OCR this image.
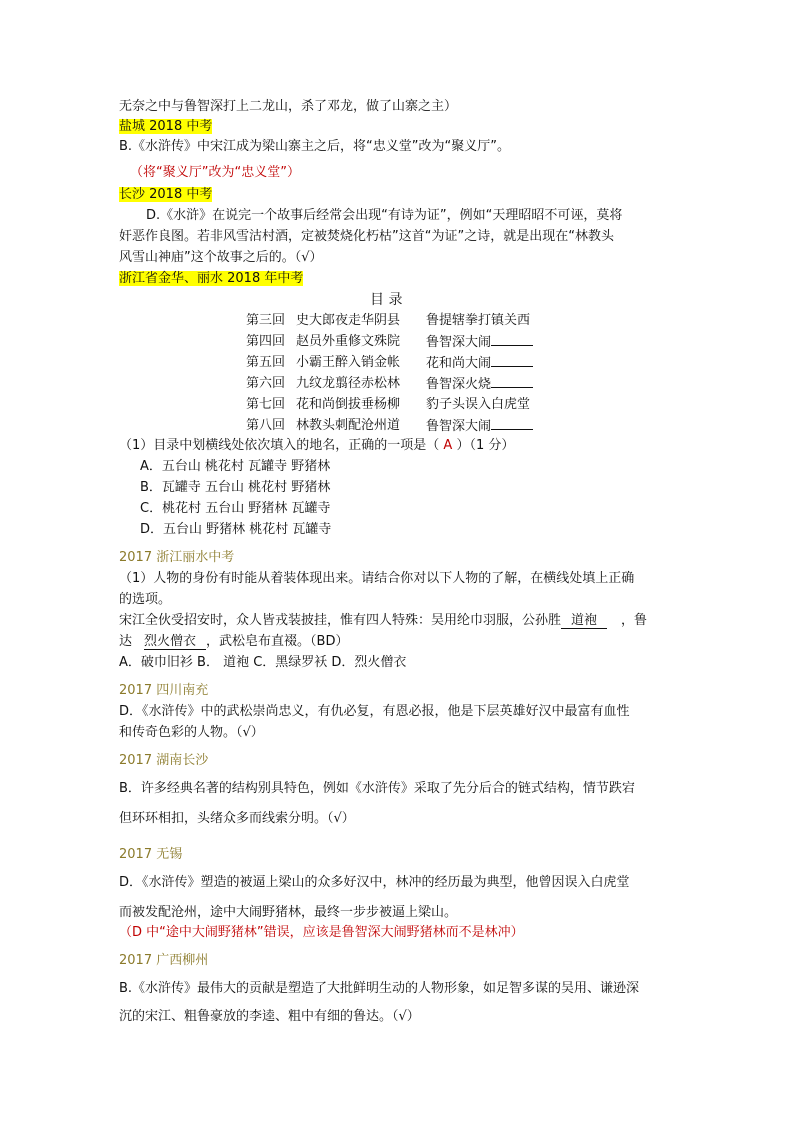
无奈之中与鲁智深打上二龙山，杀了邓龙，做了山寨之主）
盐城 2018 中考
B.《水浒传》中宋江成为梁山寨主之后，将“忠义堂”改为“聚义厅”。
（将“聚义厅”改为“忠义堂”）
长沙 2018 中考
D.《水浒》在说完一个故事后经常会出现“有诗为证”，例如“天理昭昭不可诬，莫将
奸恶作良图。若非风雪沽村酒，定被焚烧化朽枯”这首“为证”之诗，就是出现在“林教头
风雪山神庙”这个故事之后的。（√）
浙江省金华、丽水 2018 年中考
目 录
第三回 史大郎夜走华阴县	鲁提辖拳打镇关西
第四回 赵员外重修文殊院	鲁智深大闹
第五回 小霸王醉入销金帐	花和尚大闹
第六回 九纹龙翦径赤松林	鲁智深火烧
第七回 花和尚倒拔垂杨柳	豹子头误入白虎堂
第八回 林教头刺配沧州道	鲁智深大闹
（1）目录中划横线处依次填入的地名，正确的一项是（ A ）（1 分）
A．五台山 桃花村 瓦罐寺 野猪林
B．瓦罐寺 五台山 桃花村 野猪林
C．桃花村 五台山 野猪林 瓦罐寺
D．五台山 野猪林 桃花村 瓦罐寺
2017 浙江丽水中考
（1）人物的身份有时能从着装体现出来。请结合你对以下人物的了解，在横线处填上正确
的选项。
宋江全伙受招安时，众人皆戎装披挂，惟有四人特殊：吴用纶巾羽服，公孙胜 道袍 ，鲁
达 烈火僧衣 ，武松皂布直裰。（BD）
A．破巾旧衫 B． 道袍 C．黑绿罗袄 D．烈火僧衣
2017 四川南充
D．《水浒传》中的武松崇尚忠义，有仇必复，有恩必报，他是下层英雄好汉中最富有血性
和传奇色彩的人物。（√）
2017 湖南长沙
B．许多经典名著的结构别具特色，例如《水浒传》采取了先分后合的链式结构，情节跌宕
但环环相扣，头绪众多而线索分明。（√）
2017 无锡
D．《水浒传》塑造的被逼上梁山的众多好汉中，林冲的经历最为典型，他曾因误入白虎堂
而被发配沧州，途中大闹野猪林，最终一步步被逼上梁山。
（D 中“途中大闹野猪林”错误，应该是鲁智深大闹野猪林而不是林冲）
2017 广西柳州
B.《水浒传》最伟大的贡献是塑造了大批鲜明生动的人物形象，如足智多谋的吴用、谦逊深
沉的宋江、粗鲁豪放的李逵、粗中有细的鲁达。（√）
